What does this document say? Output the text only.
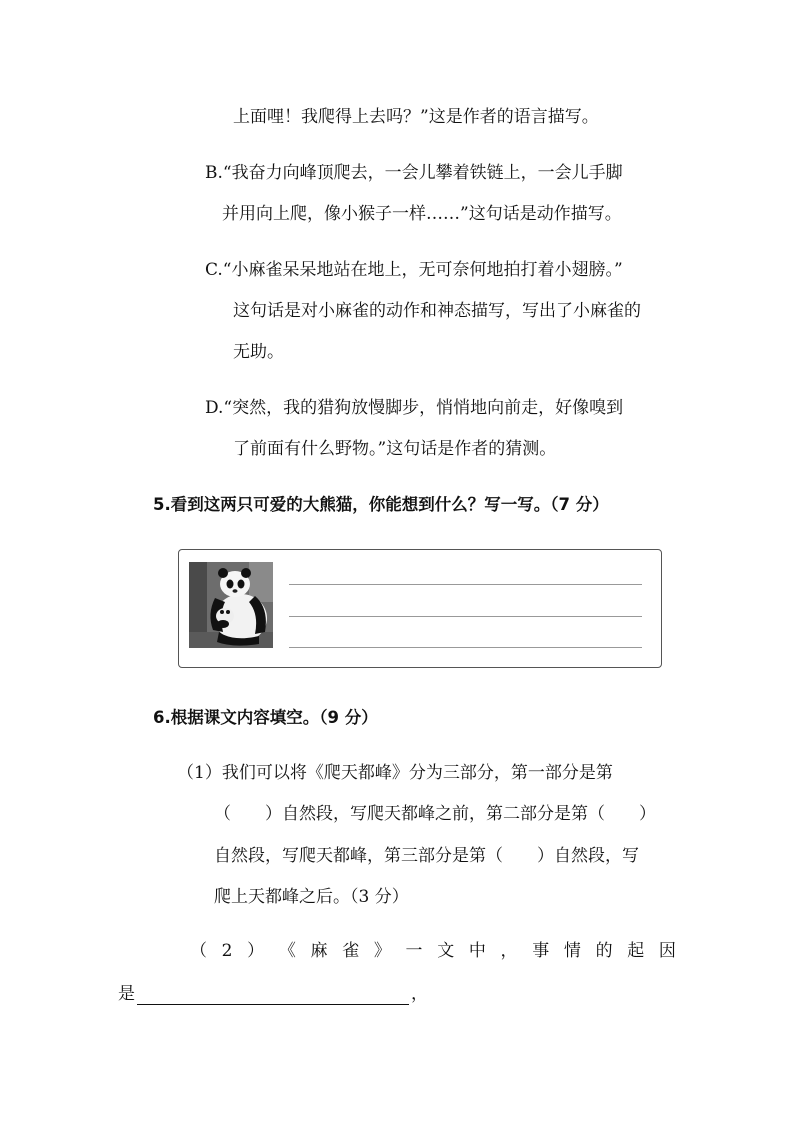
上面哩！我爬得上去吗？”这是作者的语言描写。
B.“我奋力向峰顶爬去，一会儿攀着铁链上，一会儿手脚
并用向上爬，像小猴子一样……”这句话是动作描写。
C.“小麻雀呆呆地站在地上，无可奈何地拍打着小翅膀。”
这句话是对小麻雀的动作和神态描写，写出了小麻雀的
无助。
D.“突然，我的猎狗放慢脚步，悄悄地向前走，好像嗅到
了前面有什么野物。”这句话是作者的猜测。
5.看到这两只可爱的大熊猫，你能想到什么？写一写。（7 分）
6.根据课文内容填空。（9 分）
（1）我们可以将《爬天都峰》分为三部分，第一部分是第
（　　）自然段，写爬天都峰之前，第二部分是第（　　）
自然段，写爬天都峰，第三部分是第（　　）自然段，写
爬上天都峰之后。（3 分）
（ 2 ） 《 麻 雀 》 一 文 中 ， 事 情 的 起 因
是	，
